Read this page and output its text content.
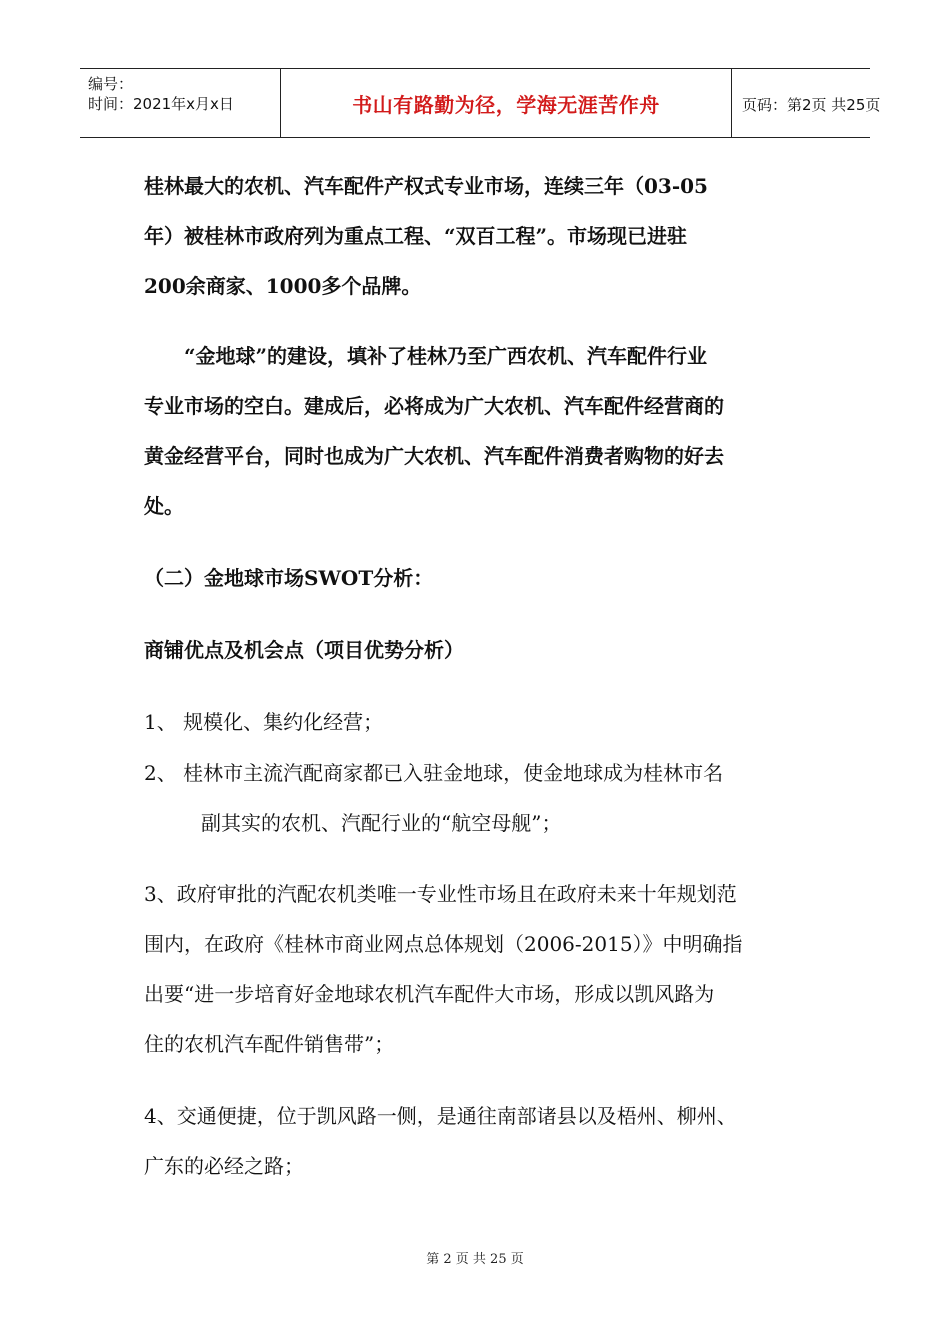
编号：
时间：2021年x月x日	书山有路勤为径，学海无涯苦作舟	页码：第2页 共25页
桂林最大的农机、汽车配件产权式专业市场，连续三年（03-05
年）被桂林市政府列为重点工程、“双百工程”。市场现已进驻
200余商家、1000多个品牌。
“金地球”的建设，填补了桂林乃至广西农机、汽车配件行业
专业市场的空白。建成后，必将成为广大农机、汽车配件经营商的
黄金经营平台，同时也成为广大农机、汽车配件消费者购物的好去
处。
（二）金地球市场SWOT分析：
商铺优点及机会点（项目优势分析）
1、 规模化、集约化经营；
2、 桂林市主流汽配商家都已入驻金地球，使金地球成为桂林市名
副其实的农机、汽配行业的“航空母舰”；
3、政府审批的汽配农机类唯一专业性市场且在政府未来十年规划范
围内，在政府《桂林市商业网点总体规划（2006-2015）》中明确指
出要“进一步培育好金地球农机汽车配件大市场，形成以凯风路为
住的农机汽车配件销售带”；
4、交通便捷，位于凯风路一侧，是通往南部诸县以及梧州、柳州、
广东的必经之路；
第 2 页 共 25 页
